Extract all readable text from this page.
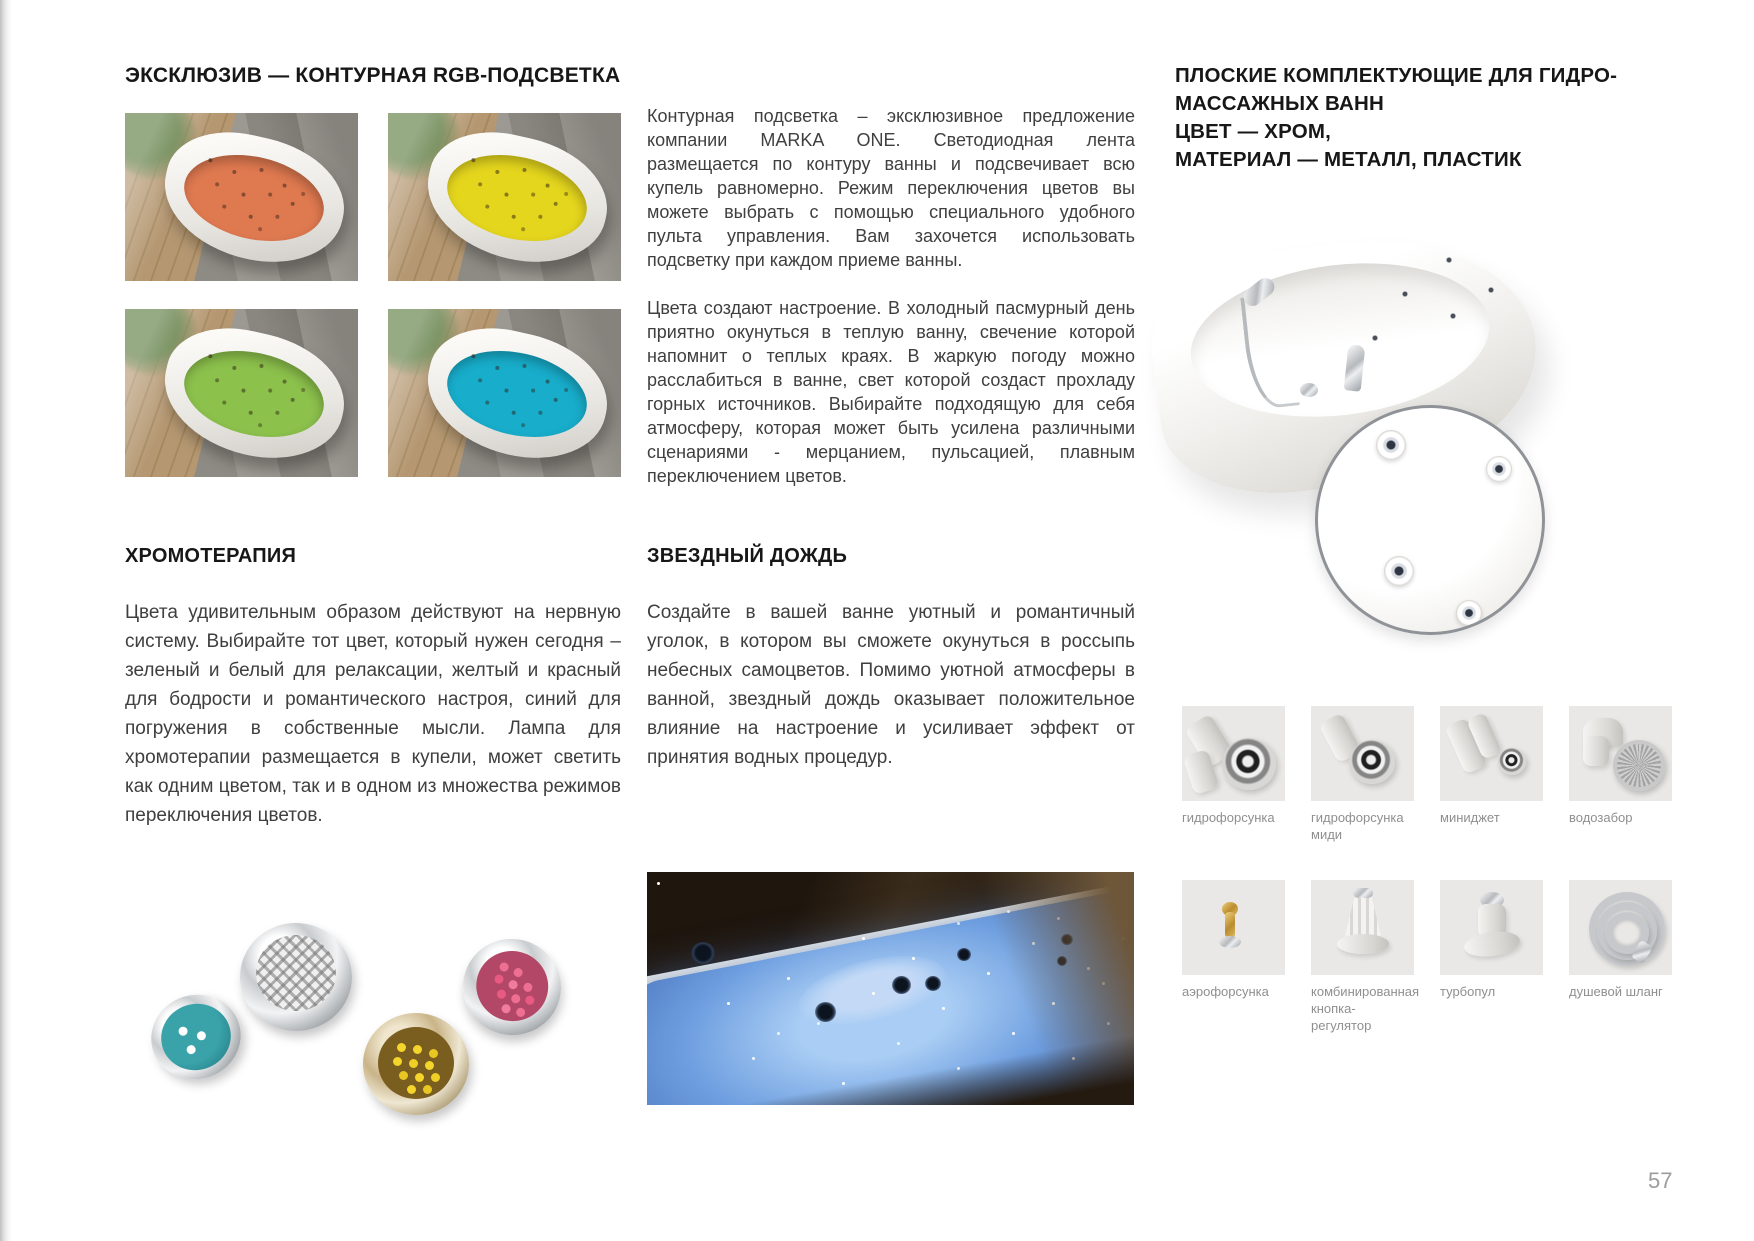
ЭКСКЛЮЗИВ — КОНТУРНАЯ RGB-ПОДСВЕТКА
Контурная подсветка – эксклюзивное предложение компании MARKA ONE. Светодиодная лента размещается по контуру ванны и подсвечивает всю купель равномерно. Режим переключения цветов вы можете выбрать с помощью специального удобного пульта управления. Вам захочется использовать подсветку при каждом приеме ванны.
Цвета создают настроение. В холодный пасмурный день приятно окунуться в теплую ванну, свечение которой напомнит о теплых краях. В жаркую погоду можно расслабиться в ванне, свет которой создаст прохладу горных источников. Выбирайте подходящую для себя атмосферу, которая может быть усилена различными сценариями - мерцанием, пульсацией, плавным переключением цветов.
ХРОМОТЕРАПИЯ
Цвета удивительным образом действуют на нервную систему. Выбирайте тот цвет, который нужен сегодня – зеленый и белый для релаксации, желтый и красный для бодрости и романтического настроя, синий для погружения в собственные мысли. Лампа для хромотерапии размещается в купели, может светить как одним цветом, так и в одном из множества режимов переключения цветов.
ЗВЕЗДНЫЙ ДОЖДЬ
Создайте в вашей ванне уютный и романтичный уголок, в котором вы сможете окунуться в россыпь небесных самоцветов. Помимо уютной атмосферы в ванной, звездный дождь оказывает положительное влияние на настроение и усиливает эффект от принятия водных процедур.
ПЛОСКИЕ КОМПЛЕКТУЮЩИЕ ДЛЯ ГИДРО-
МАССАЖНЫХ ВАНН
ЦВЕТ — ХРОМ,
МАТЕРИАЛ — МЕТАЛЛ, ПЛАСТИК
гидрофорсунка	гидрофорсунка миди
миниджет	водозабор
аэрофорсунка	комбинированная кнопка-регулятор
турбопул	душевой шланг
57
